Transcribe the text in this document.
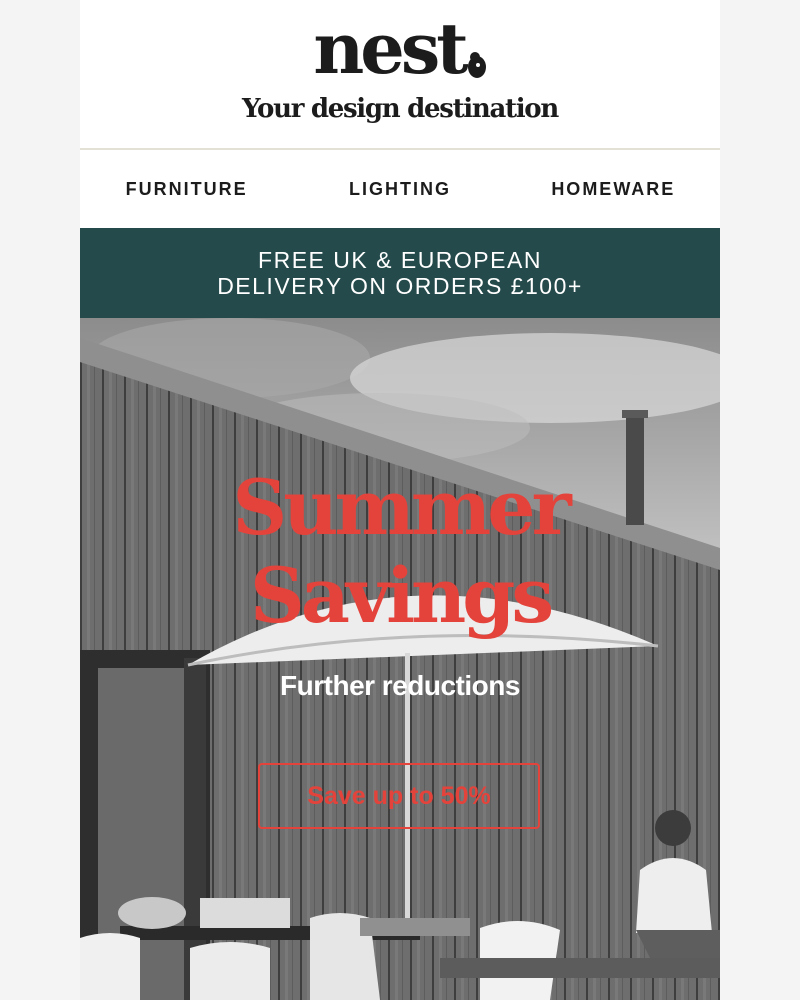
nest
Your design destination
FURNITURE	LIGHTING	HOMEWARE
FREE UK & EUROPEAN
DELIVERY ON ORDERS £100+
Summer
Savings
Further reductions
Save up to 50%
